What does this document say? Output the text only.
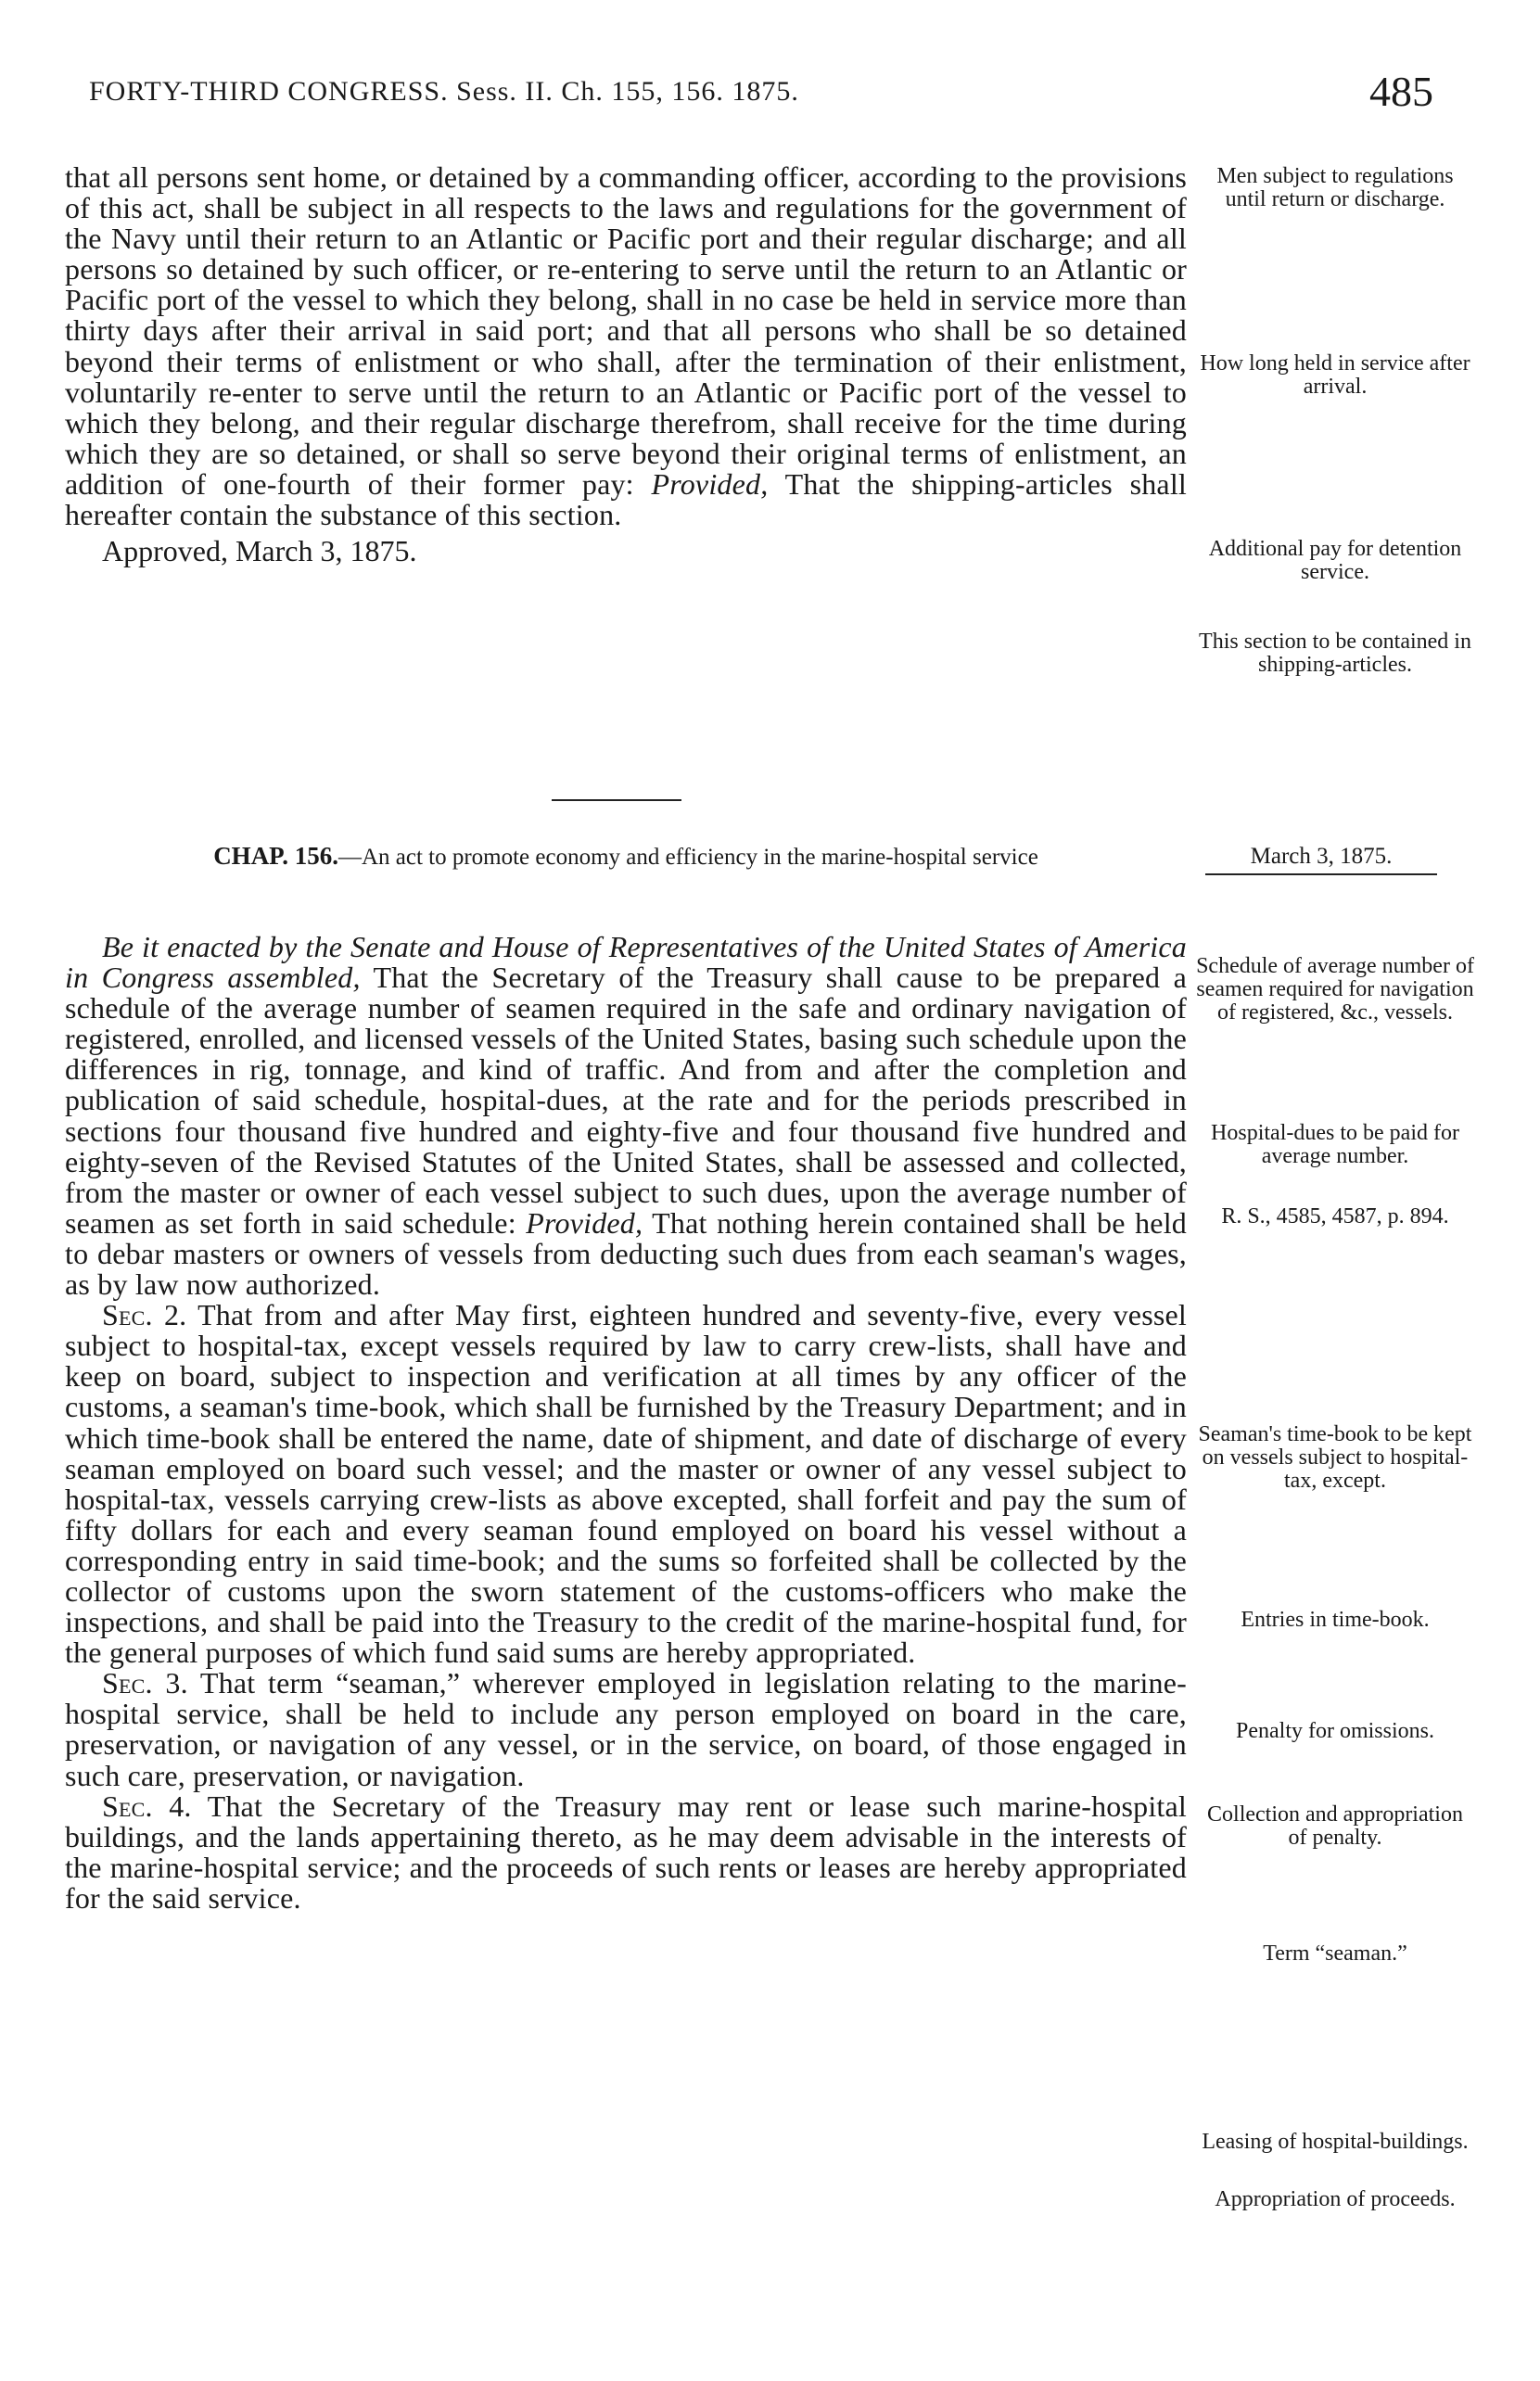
FORTY-THIRD CONGRESS. Sess. II. Ch. 155, 156. 1875.	485

that all persons sent home, or detained by a commanding officer, according to the provisions of this act, shall be subject in all respects to the laws and regulations for the government of the Navy until their return to an Atlantic or Pacific port and their regular discharge; and all persons so detained by such officer, or re-entering to serve until the return to an Atlantic or Pacific port of the vessel to which they belong, shall in no case be held in service more than thirty days after their arrival in said port; and that all persons who shall be so detained beyond their terms of enlistment or who shall, after the termination of their enlistment, voluntarily re-enter to serve until the return to an Atlantic or Pacific port of the vessel to which they belong, and their regular discharge therefrom, shall receive for the time during which they are so detained, or shall so serve beyond their original terms of enlistment, an addition of one-fourth of their former pay: Provided, That the shipping-articles shall hereafter contain the substance of this section.

Approved, March 3, 1875.

Men subject to regulations until return or discharge.
How long held in service after arrival.
Additional pay for detention service.
This section to be contained in shipping-articles.
CHAP. 156.—An act to promote economy and efficiency in the marine-hospital service	March 3, 1875.

Be it enacted by the Senate and House of Representatives of the United States of America in Congress assembled, That the Secretary of the Treasury shall cause to be prepared a schedule of the average number of seamen required in the safe and ordinary navigation of registered, enrolled, and licensed vessels of the United States, basing such schedule upon the differences in rig, tonnage, and kind of traffic. And from and after the completion and publication of said schedule, hospital-dues, at the rate and for the periods prescribed in sections four thousand five hundred and eighty-five and four thousand five hundred and eighty-seven of the Revised Statutes of the United States, shall be assessed and collected, from the master or owner of each vessel subject to such dues, upon the average number of seamen as set forth in said schedule: Provided, That nothing herein contained shall be held to debar masters or owners of vessels from deducting such dues from each seaman's wages, as by law now authorized.

Sec. 2. That from and after May first, eighteen hundred and seventy-five, every vessel subject to hospital-tax, except vessels required by law to carry crew-lists, shall have and keep on board, subject to inspection and verification at all times by any officer of the customs, a seaman's time-book, which shall be furnished by the Treasury Department; and in which time-book shall be entered the name, date of shipment, and date of discharge of every seaman employed on board such vessel; and the master or owner of any vessel subject to hospital-tax, vessels carrying crew-lists as above excepted, shall forfeit and pay the sum of fifty dollars for each and every seaman found employed on board his vessel without a corresponding entry in said time-book; and the sums so forfeited shall be collected by the collector of customs upon the sworn statement of the customs-officers who make the inspections, and shall be paid into the Treasury to the credit of the marine-hospital fund, for the general purposes of which fund said sums are hereby appropriated.

Sec. 3. That term “seaman,” wherever employed in legislation relating to the marine-hospital service, shall be held to include any person employed on board in the care, preservation, or navigation of any vessel, or in the service, on board, of those engaged in such care, preservation, or navigation.

Sec. 4. That the Secretary of the Treasury may rent or lease such marine-hospital buildings, and the lands appertaining thereto, as he may deem advisable in the interests of the marine-hospital service; and the proceeds of such rents or leases are hereby appropriated for the said service.

Schedule of average number of seamen required for navigation of registered, &c., vessels.
Hospital-dues to be paid for average number.
R. S., 4585, 4587, p. 894.
Seaman's time-book to be kept on vessels subject to hospital-tax, except.
Entries in time-book.
Penalty for omissions.
Collection and appropriation of penalty.
Term “seaman.”
Leasing of hospital-buildings.
Appropriation of proceeds.
